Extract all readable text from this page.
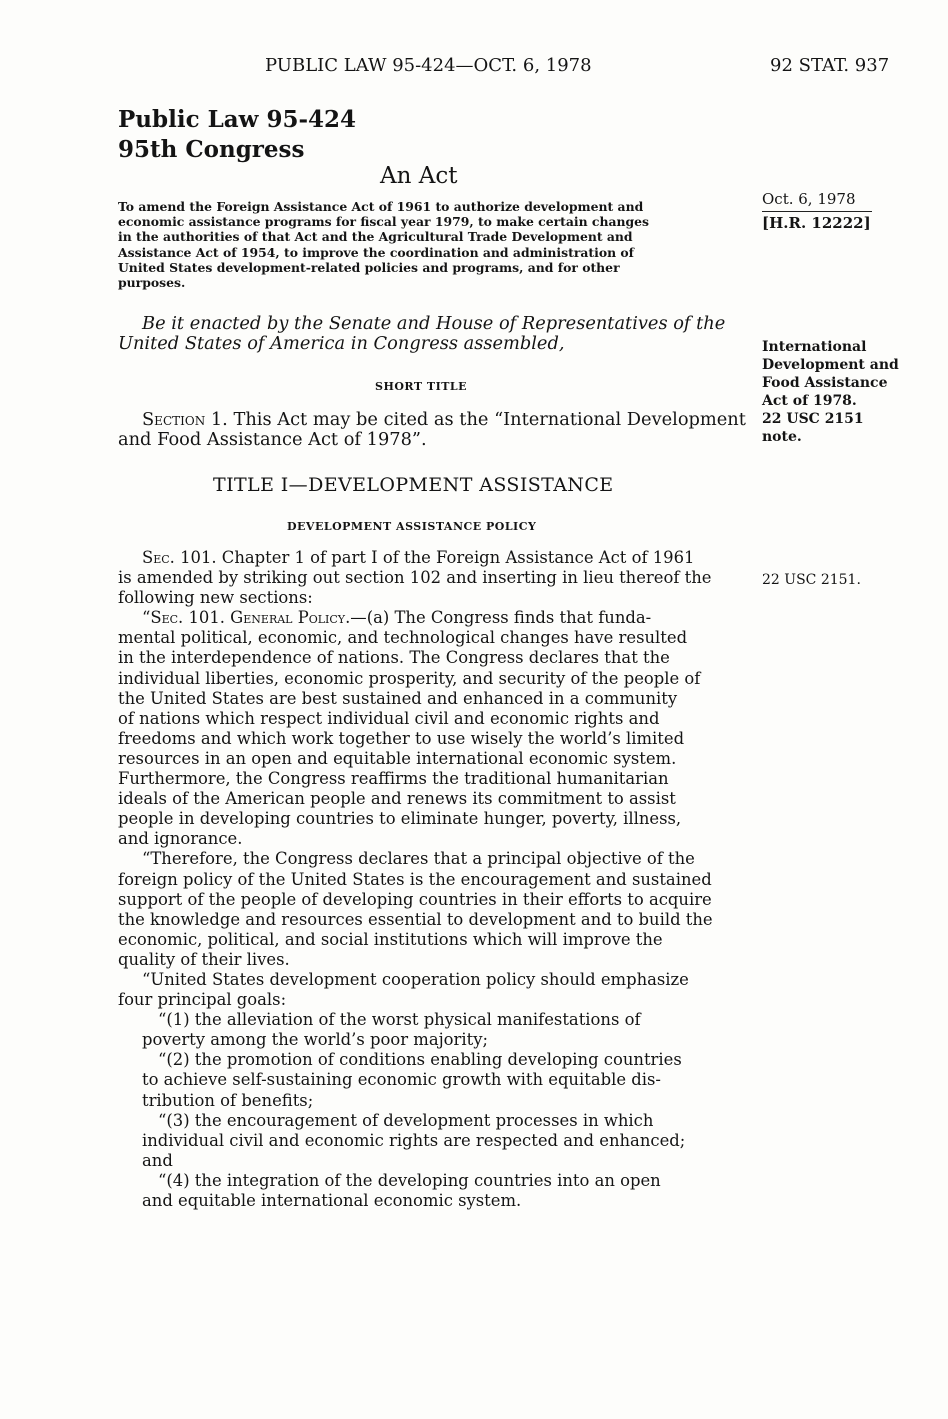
PUBLIC LAW 95-424—OCT. 6, 1978	92 STAT. 937
Public Law 95-424
95th Congress
An Act
To amend the Foreign Assistance Act of 1961 to authorize development and
economic assistance programs for fiscal year 1979, to make certain changes
in the authorities of that Act and the Agricultural Trade Development and
Assistance Act of 1954, to improve the coordination and administration of
United States development-related policies and programs, and for other
purposes.
Be it enacted by the Senate and House of Representatives of the
United States of America in Congress assembled,
SHORT TITLE
Section 1. This Act may be cited as the “International Development
and Food Assistance Act of 1978”.
TITLE I—DEVELOPMENT ASSISTANCE
DEVELOPMENT ASSISTANCE POLICY
Sec. 101. Chapter 1 of part I of the Foreign Assistance Act of 1961
is amended by striking out section 102 and inserting in lieu thereof the
following new sections:
“Sec. 101. General Policy.—(a) The Congress finds that funda-
mental political, economic, and technological changes have resulted
in the interdependence of nations. The Congress declares that the
individual liberties, economic prosperity, and security of the people of
the United States are best sustained and enhanced in a community
of nations which respect individual civil and economic rights and
freedoms and which work together to use wisely the world’s limited
resources in an open and equitable international economic system.
Furthermore, the Congress reaffirms the traditional humanitarian
ideals of the American people and renews its commitment to assist
people in developing countries to eliminate hunger, poverty, illness,
and ignorance.
“Therefore, the Congress declares that a principal objective of the
foreign policy of the United States is the encouragement and sustained
support of the people of developing countries in their efforts to acquire
the knowledge and resources essential to development and to build the
economic, political, and social institutions which will improve the
quality of their lives.
“United States development cooperation policy should emphasize
four principal goals:
“(1) the alleviation of the worst physical manifestations of
poverty among the world’s poor majority;
“(2) the promotion of conditions enabling developing countries
to achieve self-sustaining economic growth with equitable dis-
tribution of benefits;
“(3) the encouragement of development processes in which
individual civil and economic rights are respected and enhanced;
and
“(4) the integration of the developing countries into an open
and equitable international economic system.
Oct. 6, 1978
[H.R. 12222]
International
Development and
Food Assistance
Act of 1978.
22 USC 2151
note.
22 USC 2151.
